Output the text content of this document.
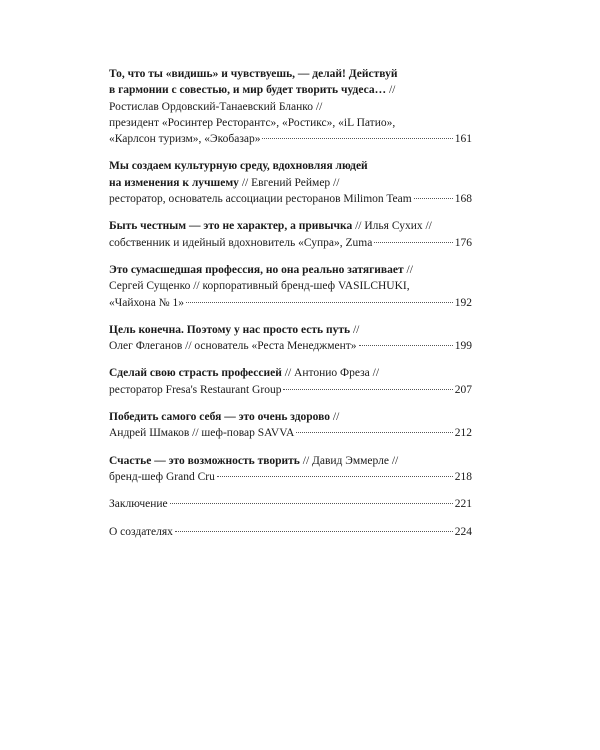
То, что ты «видишь» и чувствуешь, — делай! Действуй
в гармонии с совестью, и мир будет творить чудеса… //
Ростислав Ордовский-Танаевский Бланко //
президент «Росинтер Ресторантс», «Ростикс», «iL Патио»,
«Карлсон туризм», «Экобазар»	161
Мы создаем культурную среду, вдохновляя людей
на изменения к лучшему // Евгений Реймер //
ресторатор, основатель ассоциации ресторанов Milimon Team	168
Быть честным — это не характер, а привычка // Илья Сухих //
собственник и идейный вдохновитель «Супра», Zuma	176
Это сумасшедшая профессия, но она реально затягивает //
Сергей Сущенко // корпоративный бренд-шеф VASILCHUKI,
«Чайхона № 1»	192
Цель конечна. Поэтому у нас просто есть путь //
Олег Флеганов // основатель «Реста Менеджмент»	199
Сделай свою страсть профессией // Антонио Фреза //
ресторатор Fresa's Restaurant Group	207
Победить самого себя — это очень здорово //
Андрей Шмаков // шеф-повар SAVVA	212
Счастье — это возможность творить // Давид Эммерле //
бренд-шеф Grand Cru	218
Заключение	221
О создателях	224
